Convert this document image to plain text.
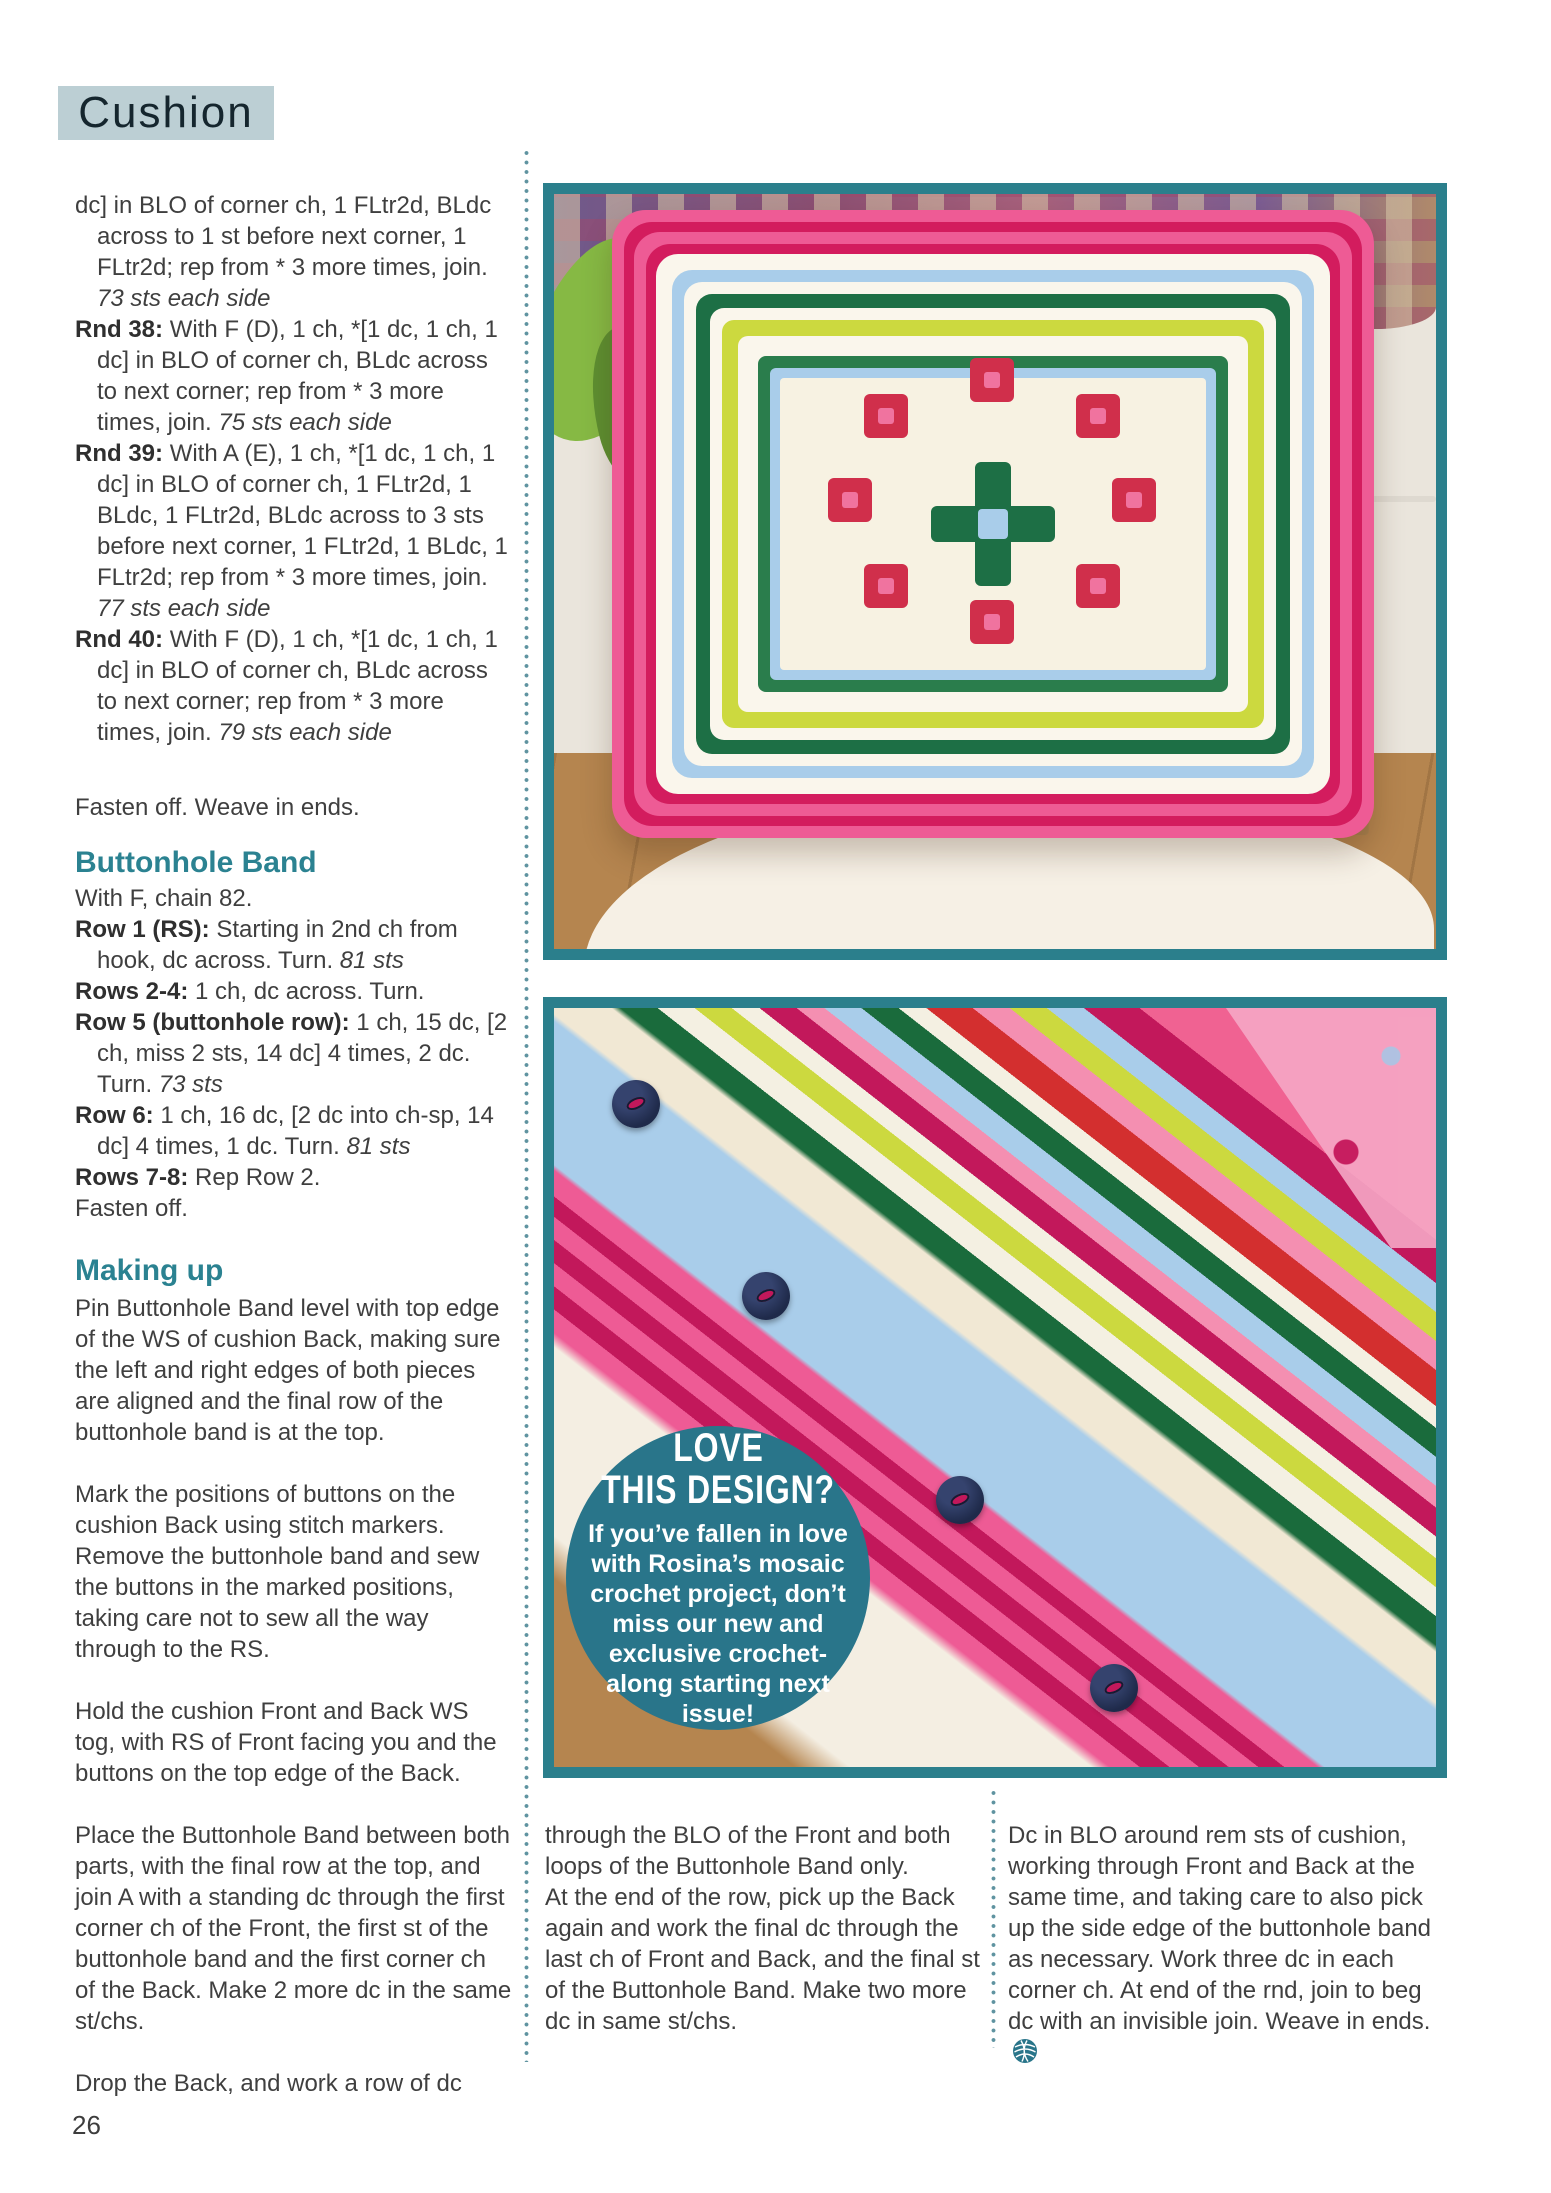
Cushion

dc] in BLO of corner ch, 1 FLtr2d, BLdc across to 1 st before next corner, 1 FLtr2d; rep from * 3 more times, join. 73 sts each side

Rnd 38: With F (D), 1 ch, *[1 dc, 1 ch, 1 dc] in BLO of corner ch, BLdc across to next corner; rep from * 3 more times, join. 75 sts each side

Rnd 39: With A (E), 1 ch, *[1 dc, 1 ch, 1 dc] in BLO of corner ch, 1 FLtr2d, 1 BLdc, 1 FLtr2d, BLdc across to 3 sts before next corner, 1 FLtr2d, 1 BLdc, 1 FLtr2d; rep from * 3 more times, join. 77 sts each side

Rnd 40: With F (D), 1 ch, *[1 dc, 1 ch, 1 dc] in BLO of corner ch, BLdc across to next corner; rep from * 3 more times, join. 79 sts each side

Fasten off. Weave in ends.

Buttonhole Band

With F, chain 82.

Row 1 (RS): Starting in 2nd ch from hook, dc across. Turn. 81 sts

Rows 2-4: 1 ch, dc across. Turn.

Row 5 (buttonhole row): 1 ch, 15 dc, [2 ch, miss 2 sts, 14 dc] 4 times, 2 dc. Turn. 73 sts

Row 6: 1 ch, 16 dc, [2 dc into ch-sp, 14 dc] 4 times, 1 dc. Turn. 81 sts

Rows 7-8: Rep Row 2.

Fasten off.

Making up

Pin Buttonhole Band level with top edge of the WS of cushion Back, making sure the left and right edges of both pieces are aligned and the final row of the buttonhole band is at the top.

Mark the positions of buttons on the cushion Back using stitch markers. Remove the buttonhole band and sew the buttons in the marked positions, taking care not to sew all the way through to the RS.

Hold the cushion Front and Back WS tog, with RS of Front facing you and the buttons on the top edge of the Back.

Place the Buttonhole Band between both parts, with the final row at the top, and join A with a standing dc through the first corner ch of the Front, the first st of the buttonhole band and the first corner ch of the Back. Make 2 more dc in the same st/chs.

Drop the Back, and work a row of dc

LOVE
THIS DESIGN?
If you’ve fallen in love with Rosina’s mosaic crochet project, don’t miss our new and exclusive crochet-along starting next issue!

through the BLO of the Front and both loops of the Buttonhole Band only.

At the end of the row, pick up the Back again and work the final dc through the last ch of Front and Back, and the final st of the Buttonhole Band. Make two more dc in same st/chs.

Dc in BLO around rem sts of cushion, working through Front and Back at the same time, and taking care to also pick up the side edge of the buttonhole band as necessary. Work three dc in each corner ch. At end of the rnd, join to beg dc with an invisible join. Weave in ends.

26
